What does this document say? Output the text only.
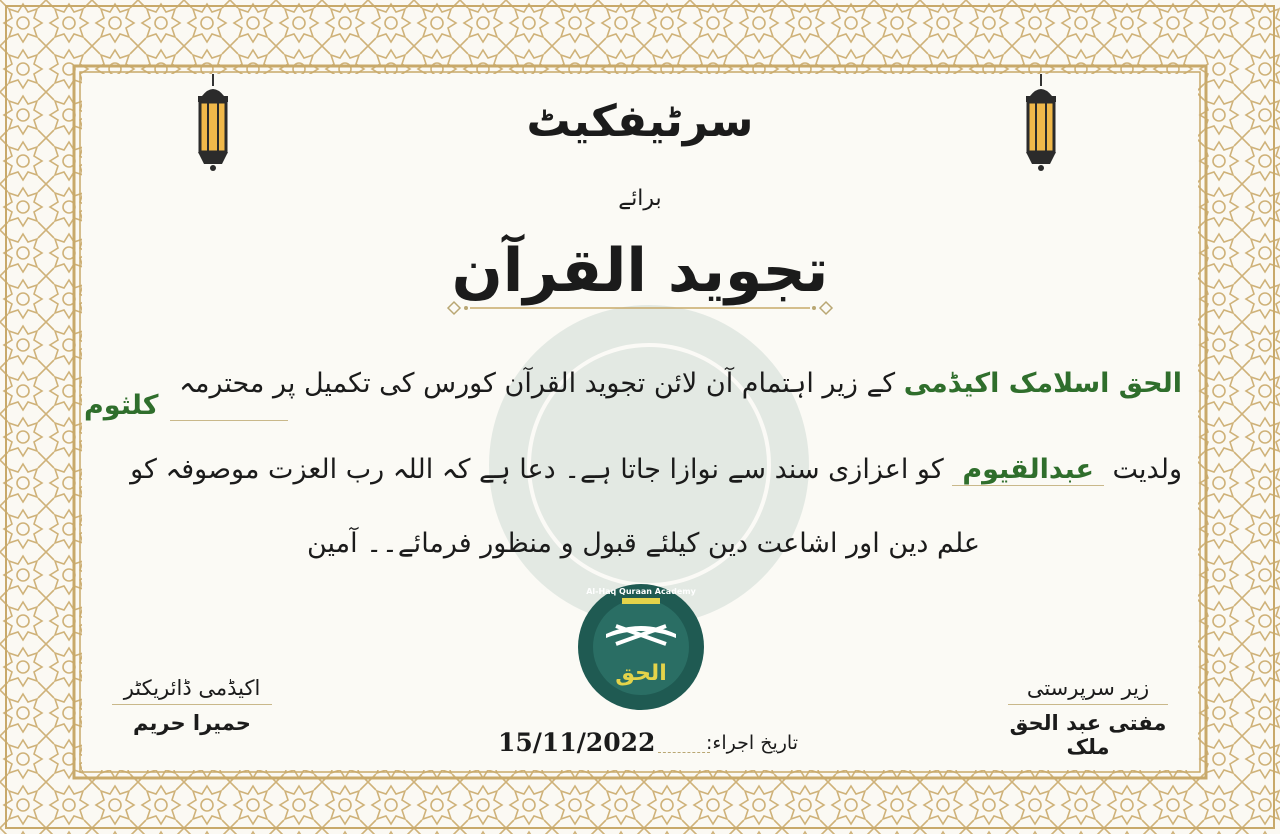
سرٹیفکیٹ
برائے
تجوید القرآن
الحق اسلامک اکیڈمی کے زیر اہتمام آن لائن تجوید القرآن کورس کی تکمیل پر محترمہ
کلثوم
ولدیت عبدالقیوم کو اعزازی سند سے نوازا جاتا ہے۔ دعا ہے کہ اللہ رب العزت موصوفہ کو
علم دین اور اشاعت دین کیلئے قبول و منظور فرمائے۔۔ آمین
الحق
Al-Haq Quraan Academy
اکیڈمی ڈائریکٹر
حمیرا حریم
زیر سرپرستی
مفتی عبد الحق ملک
تاریخ اجراء:
15/11/2022
